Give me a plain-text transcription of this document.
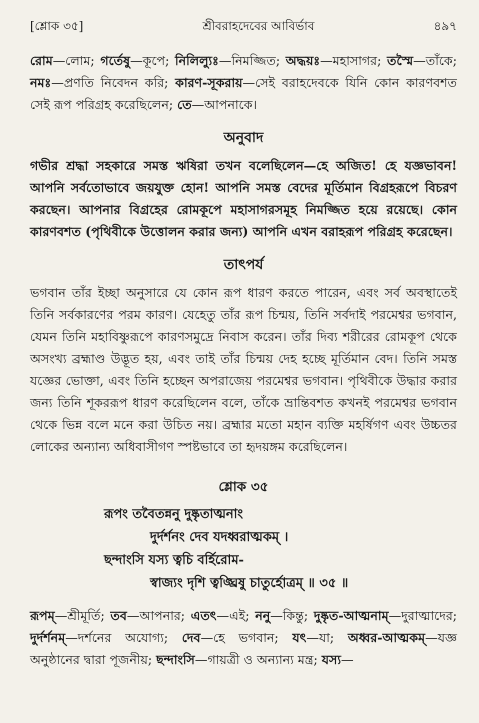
[শ্লোক ৩৫]	শ্রীবরাহদেবের আবির্ভাব	৪৯৭

রোম—লোম; গর্তেষু—কূপে; নিলিল্যুঃ—নিমজ্জিত; অদ্ধয়ঃ—মহাসাগর; তস্মৈ—তাঁকে; নমঃ—প্রণতি নিবেদন করি; কারণ-সূকরায়—সেই বরাহদেবকে যিনি কোন কারণবশত সেই রূপ পরিগ্রহ করেছিলেন; তে—আপনাকে।

অনুবাদ

গভীর শ্রদ্ধা সহকারে সমস্ত ঋষিরা তখন বলেছিলেন—হে অজিত! হে যজ্ঞভাবন! আপনি সর্বতোভাবে জয়যুক্ত হোন! আপনি সমস্ত বেদের মূর্তিমান বিগ্রহরূপে বিচরণ করছেন। আপনার বিগ্রহের রোমকূপে মহাসাগরসমূহ নিমজ্জিত হয়ে রয়েছে। কোন কারণবশত (পৃথিবীকে উত্তোলন করার জন্য) আপনি এখন বরাহরূপ পরিগ্রহ করেছেন।

তাৎপর্য

ভগবান তাঁর ইচ্ছা অনুসারে যে কোন রূপ ধারণ করতে পারেন, এবং সর্ব অবস্থাতেই তিনি সর্বকারণের পরম কারণ। যেহেতু তাঁর রূপ চিন্ময়, তিনি সর্বদাই পরমেশ্বর ভগবান, যেমন তিনি মহাবিষ্ণুরূপে কারণসমুদ্রে নিবাস করেন। তাঁর দিব্য শরীরের রোমকূপ থেকে অসংখ্য ব্রহ্মাণ্ড উদ্ভূত হয়, এবং তাই তাঁর চিন্ময় দেহ হচ্ছে মূর্তিমান বেদ। তিনি সমস্ত যজ্ঞের ভোক্তা, এবং তিনি হচ্ছেন অপরাজেয় পরমেশ্বর ভগবান। পৃথিবীকে উদ্ধার করার জন্য তিনি শূকররূপ ধারণ করেছিলেন বলে, তাঁকে ভ্রান্তিবশত কখনই পরমেশ্বর ভগবান থেকে ভিন্ন বলে মনে করা উচিত নয়। ব্রহ্মার মতো মহান ব্যক্তি মহর্ষিগণ এবং উচ্চতর লোকের অন্যান্য অধিবাসীগণ স্পষ্টভাবে তা হৃদয়ঙ্গম করেছিলেন।

শ্লোক ৩৫
রূপং তবৈতন্ননু দুষ্কৃতাত্মনাং
দুর্দর্শনং দেব যদধ্বরাত্মকম্ ।
ছন্দাংসি যস্য ত্বচি বর্হিরোম-
স্বাজ্যং দৃশি ত্বঙ্ঘ্রিষু চাতুর্হোত্রম্ ॥ ৩৫ ॥

রূপম্—শ্রীমূর্তি; তব—আপনার; এতৎ—এই; ননু—কিন্তু; দুষ্কৃত-আত্মনাম্—দুরাত্মাদের; দুর্দর্শনম্—দর্শনের অযোগ্য; দেব—হে ভগবান; যৎ—যা; অধ্বর-আত্মকম্—যজ্ঞ অনুষ্ঠানের দ্বারা পূজনীয়; ছন্দাংসি—গায়ত্রী ও অন্যান্য মন্ত্র; যস্য—
